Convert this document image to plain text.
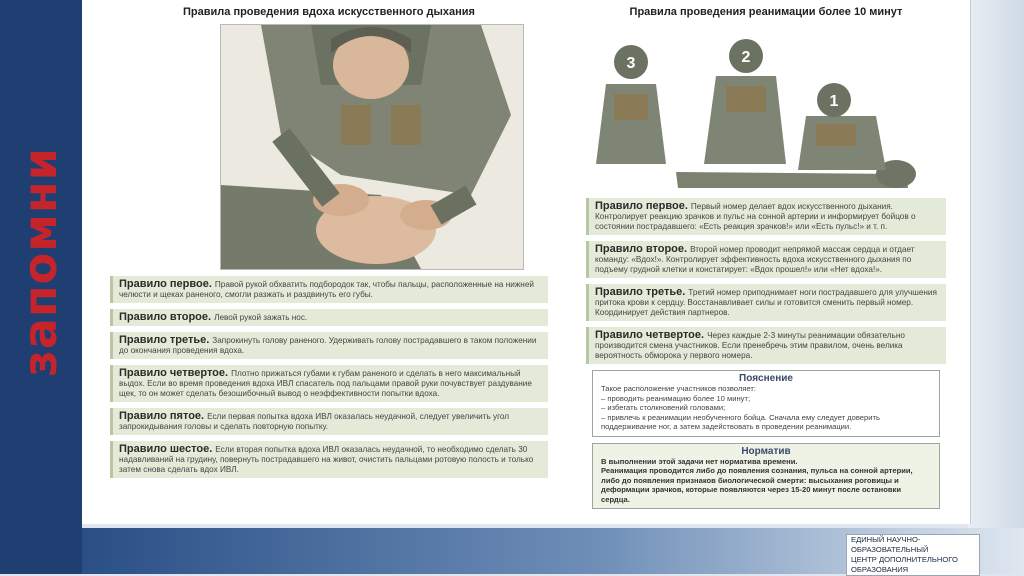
запомни
Правила проведения вдоха искусственного дыхания
Правило первое. Правой рукой обхватить подбородок так, чтобы пальцы, расположенные на нижней челюсти и щеках раненого, смогли разжать и раздвинуть его губы.
Правило второе. Левой рукой зажать нос.
Правило третье. Запрокинуть голову раненого. Удерживать голову пострадавшего в таком положении до окончания проведения вдоха.
Правило четвертое. Плотно прижаться губами к губам раненого и сделать в него максимальный выдох. Если во время проведения вдоха ИВЛ спасатель под пальцами правой руки почувствует раздувание щек, то он может сделать безошибочный вывод о неэффективности попытки вдоха.
Правило пятое. Если первая попытка вдоха ИВЛ оказалась неудачной, следует увеличить угол запрокидывания головы и сделать повторную попытку.
Правило шестое. Если вторая попытка вдоха ИВЛ оказалась неудачной, то необходимо сделать 30 надавливаний на грудину, повернуть пострадавшего на живот, очистить пальцами ротовую полость и только затем снова сделать вдох ИВЛ.
Правила проведения реанимации более 10 минут
3	2
1
Правило первое. Первый номер делает вдох искусственного дыхания. Контролирует реакцию зрачков и пульс на сонной артерии и информирует бойцов о состоянии пострадавшего: «Есть реакция зрачков!» или «Есть пульс!» и т. п.
Правило второе. Второй номер проводит непрямой массаж сердца и отдает команду: «Вдох!». Контролирует эффективность вдоха искусственного дыхания по подъему грудной клетки и констатирует: «Вдох прошел!» или «Нет вдоха!».
Правило третье. Третий номер приподнимает ноги пострадавшего для улучшения притока крови к сердцу. Восстанавливает силы и готовится сменить первый номер. Координирует действия партнеров.
Правило четвертое. Через каждые 2-3 минуты реанимации обязательно производится смена участников. Если пренебречь этим правилом, очень велика вероятность обморока у первого номера.
Пояснение
Такое расположение участников позволяет:
– проводить реанимацию более 10 минут;
– избегать столкновений головами;
– привлечь к реанимации необученного бойца. Сначала ему следует доверить поддерживание ног, а затем задействовать в проведении реанимации.
Норматив
В выполнении этой задачи нет норматива времени.
Реанимация проводится либо до появления сознания, пульса на сонной артерии, либо до появления признаков биологической смерти: высыхания роговицы и деформации зрачков, которые появляются через 15-20 минут после остановки сердца.
ЕДИНЫЙ НАУЧНО-ОБРАЗОВАТЕЛЬНЫЙ
ЦЕНТР ДОПОЛНИТЕЛЬНОГО
ОБРАЗОВАНИЯ
